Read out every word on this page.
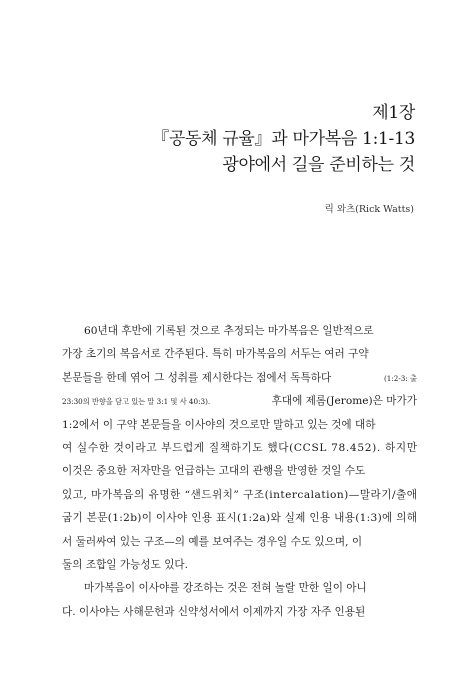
제1장
『공동체 규율』과 마가복음 1:1-13
광야에서 길을 준비하는 것
릭 와츠(Rick Watts)
60년대 후반에 기록된 것으로 추정되는 마가복음은 일반적으로
가장 초기의 복음서로 간주된다. 특히 마가복음의 서두는 여러 구약
본문들을 한데 엮어 그 성취를 제시한다는 점에서 독특하다	(1:2-3: 출
23:30의 반향을 담고 있는 말 3:1 및 사 40:3).	후대에 제롬(Jerome)은 마가가
1:2에서 이 구약 본문들을 이사야의 것으로만 말하고 있는 것에 대하
여 실수한 것이라고 부드럽게 질책하기도 했다(CCSL 78.452). 하지만
이것은 중요한 저자만을 언급하는 고대의 관행을 반영한 것일 수도
있고, 마가복음의 유명한 “샌드위치” 구조(intercalation)—말라기/출애
굽기 본문(1:2b)이 이사야 인용 표시(1:2a)와 실제 인용 내용(1:3)에 의해
서 둘러싸여 있는 구조—의 예를 보여주는 경우일 수도 있으며, 이
둘의 조합일 가능성도 있다.
마가복음이 이사야를 강조하는 것은 전혀 놀랄 만한 일이 아니
다. 이사야는 사해문헌과 신약성서에서 이제까지 가장 자주 인용된
